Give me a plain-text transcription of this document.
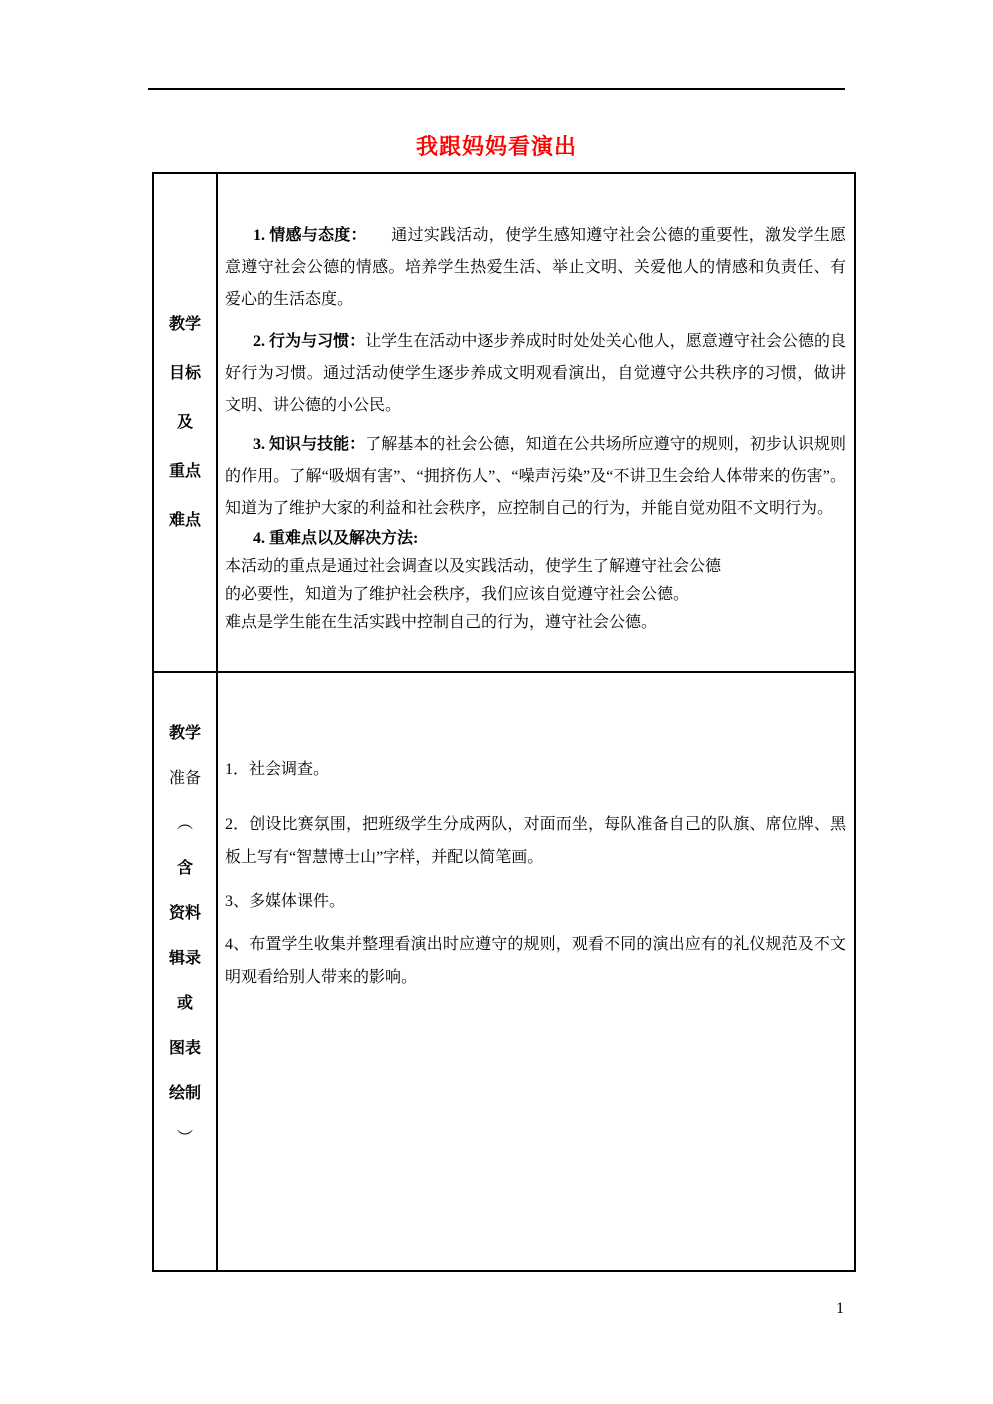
我跟妈妈看演出
教学
目标
及
重点
难点

1. 情感与态度：　　通过实践活动，使学生感知遵守社会公德的重要性，激发学生愿意遵守社会公德的情感。培养学生热爱生活、举止文明、关爱他人的情感和负责任、有爱心的生活态度。

2. 行为与习惯：让学生在活动中逐步养成时时处处关心他人，愿意遵守社会公德的良好行为习惯。通过活动使学生逐步养成文明观看演出，自觉遵守公共秩序的习惯，做讲文明、讲公德的小公民。

3. 知识与技能：了解基本的社会公德，知道在公共场所应遵守的规则，初步认识规则的作用。了解“吸烟有害”、“拥挤伤人”、“噪声污染”及“不讲卫生会给人体带来的伤害”。知道为了维护大家的利益和社会秩序，应控制自己的行为，并能自觉劝阻不文明行为。

4. 重难点以及解决方法:
本活动的重点是通过社会调查以及实践活动，使学生了解遵守社会公德
的必要性，知道为了维护社会秩序，我们应该自觉遵守社会公德。
难点是学生能在生活实践中控制自己的行为，遵守社会公德。
教学
准备
︵
含
资料
辑录
或
图表
绘制
︶

1．社会调查。

2．创设比赛氛围，把班级学生分成两队，对面而坐，每队准备自己的队旗、席位牌、黑板上写有“智慧博士山”字样，并配以简笔画。

3、多媒体课件。

4、布置学生收集并整理看演出时应遵守的规则，观看不同的演出应有的礼仪规范及不文明观看给别人带来的影响。

1
